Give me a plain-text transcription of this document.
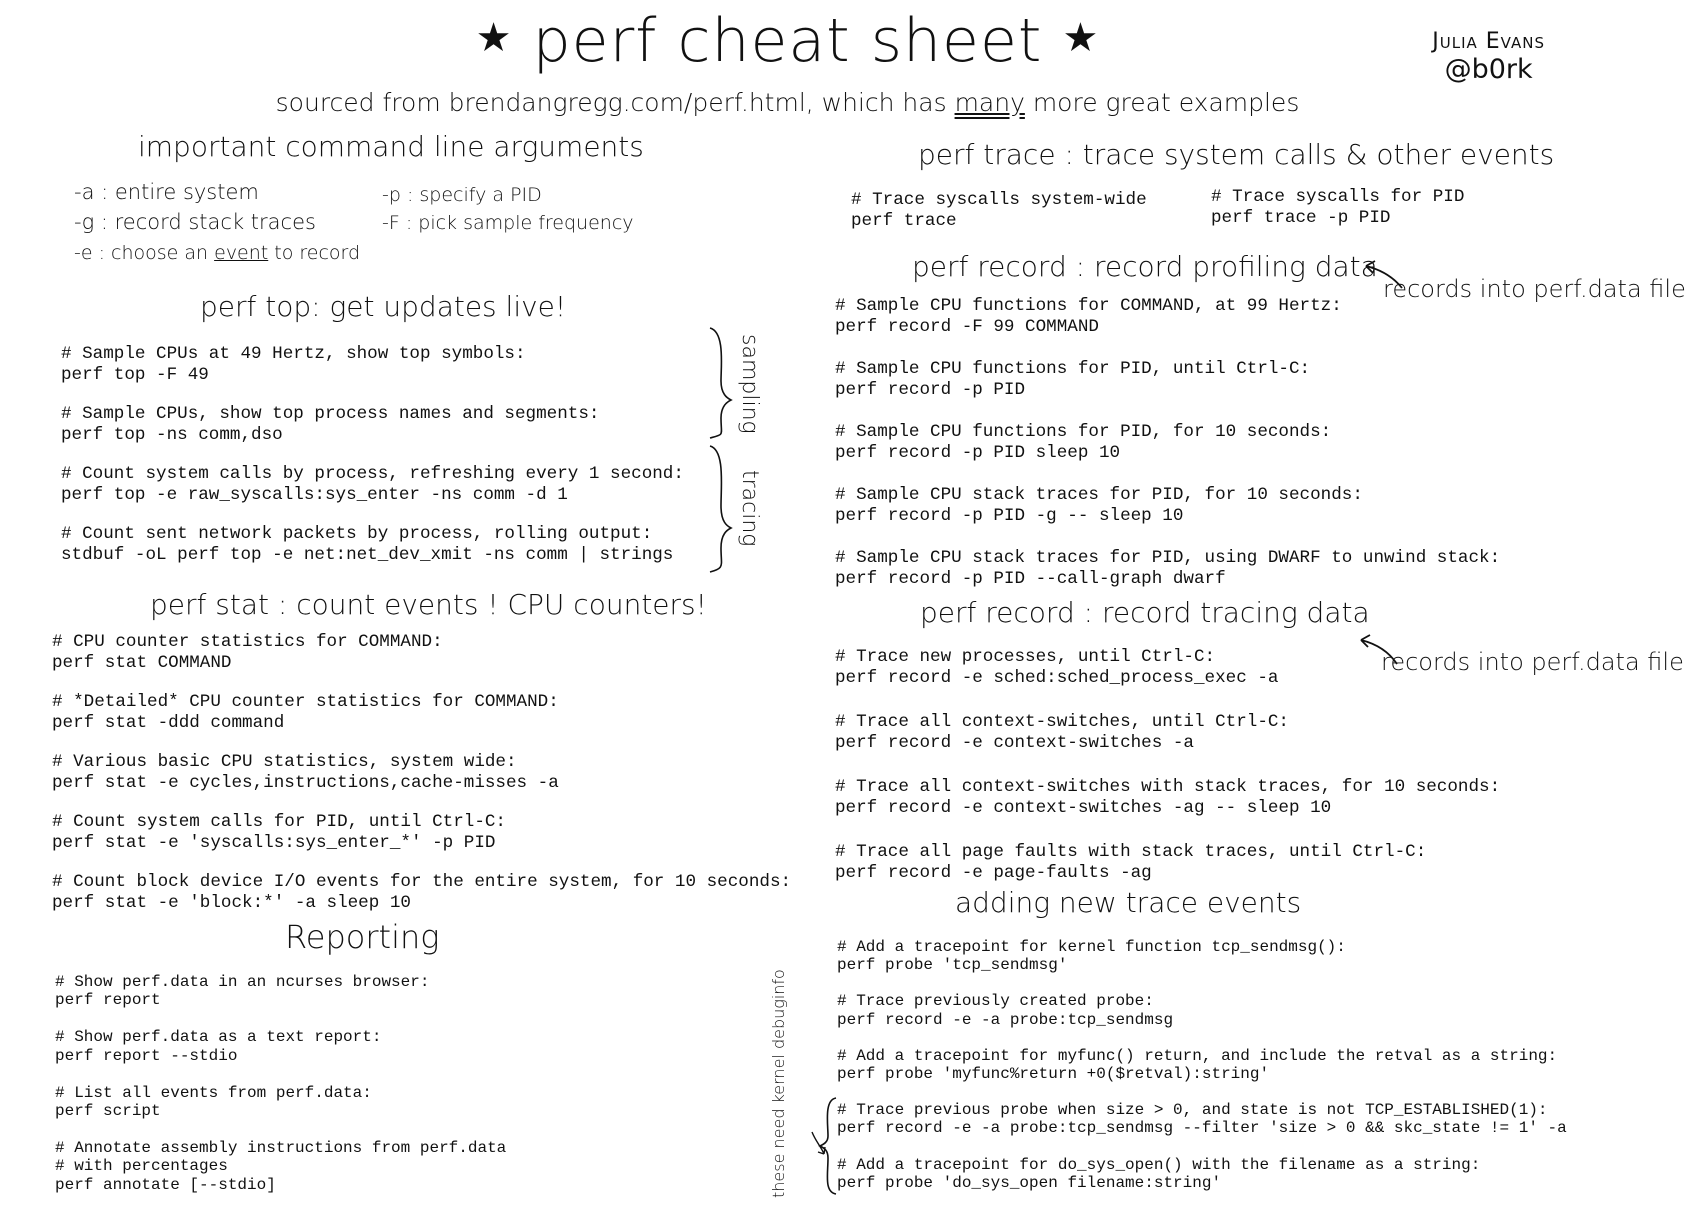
★ perf cheat sheet ★
sourced from brendangregg.com/perf.html, which has many more great examples
Julia Evans
@b0rk
important command line arguments
-a : entire system
-g : record stack traces
-e : choose an event to record
-p : specify a PID
-F : pick sample frequency
perf top: get updates live!
# Sample CPUs at 49 Hertz, show top symbols:
perf top -F 49
# Sample CPUs, show top process names and segments:
perf top -ns comm,dso
# Count system calls by process, refreshing every 1 second:
perf top -e raw_syscalls:sys_enter -ns comm -d 1
# Count sent network packets by process, rolling output:
stdbuf -oL perf top -e net:net_dev_xmit -ns comm | strings
sampling
tracing
perf stat : count events ! CPU counters!
# CPU counter statistics for COMMAND:
perf stat COMMAND
# *Detailed* CPU counter statistics for COMMAND:
perf stat -ddd command
# Various basic CPU statistics, system wide:
perf stat -e cycles,instructions,cache-misses -a
# Count system calls for PID, until Ctrl-C:
perf stat -e 'syscalls:sys_enter_*' -p PID
# Count block device I/O events for the entire system, for 10 seconds:
perf stat -e 'block:*' -a sleep 10
Reporting
# Show perf.data in an ncurses browser:
perf report
# Show perf.data as a text report:
perf report --stdio
# List all events from perf.data:
perf script
# Annotate assembly instructions from perf.data
# with percentages
perf annotate [--stdio]
perf trace : trace system calls & other events
# Trace syscalls system-wide
perf trace
# Trace syscalls for PID
perf trace -p PID
perf record : record profiling data
records into perf.data file
# Sample CPU functions for COMMAND, at 99 Hertz:
perf record -F 99 COMMAND
# Sample CPU functions for PID, until Ctrl-C:
perf record -p PID
# Sample CPU functions for PID, for 10 seconds:
perf record -p PID sleep 10
# Sample CPU stack traces for PID, for 10 seconds:
perf record -p PID -g -- sleep 10
# Sample CPU stack traces for PID, using DWARF to unwind stack:
perf record -p PID --call-graph dwarf
perf record : record tracing data
records into perf.data file
# Trace new processes, until Ctrl-C:
perf record -e sched:sched_process_exec -a
# Trace all context-switches, until Ctrl-C:
perf record -e context-switches -a
# Trace all context-switches with stack traces, for 10 seconds:
perf record -e context-switches -ag -- sleep 10
# Trace all page faults with stack traces, until Ctrl-C:
perf record -e page-faults -ag
adding new trace events
# Add a tracepoint for kernel function tcp_sendmsg():
perf probe 'tcp_sendmsg'
# Trace previously created probe:
perf record -e -a probe:tcp_sendmsg
# Add a tracepoint for myfunc() return, and include the retval as a string:
perf probe 'myfunc%return +0($retval):string'
# Trace previous probe when size > 0, and state is not TCP_ESTABLISHED(1):
perf record -e -a probe:tcp_sendmsg --filter 'size > 0 && skc_state != 1' -a
# Add a tracepoint for do_sys_open() with the filename as a string:
perf probe 'do_sys_open filename:string'
these need kernel debuginfo
